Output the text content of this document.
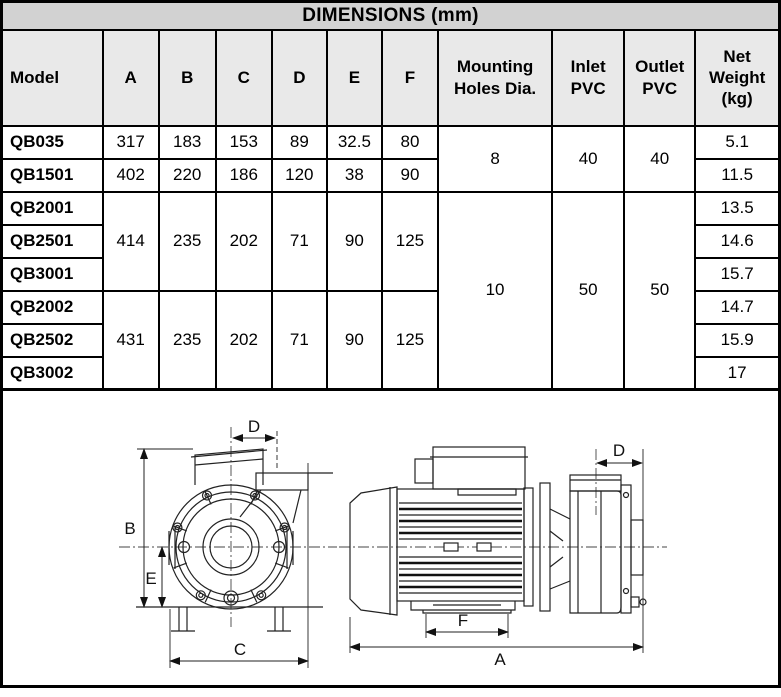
DIMENSIONS (mm)										
Model	A	B	C	D	E	F	Mounting Holes Dia.	Inlet PVC	Outlet PVC	Net Weight (kg)
QB035	317	183	153	89	32.5	80	8	40	40	5.1
QB1501	402	220	186	120	38	90				11.5
QB2001	414	235	202	71	90	125	10	50	50	13.5
QB2501										14.6
QB3001										15.7
QB2002	431	235	202	71	90	125				14.7
QB2502										15.9
QB3002										17
D
B
E
C
D
F
A
